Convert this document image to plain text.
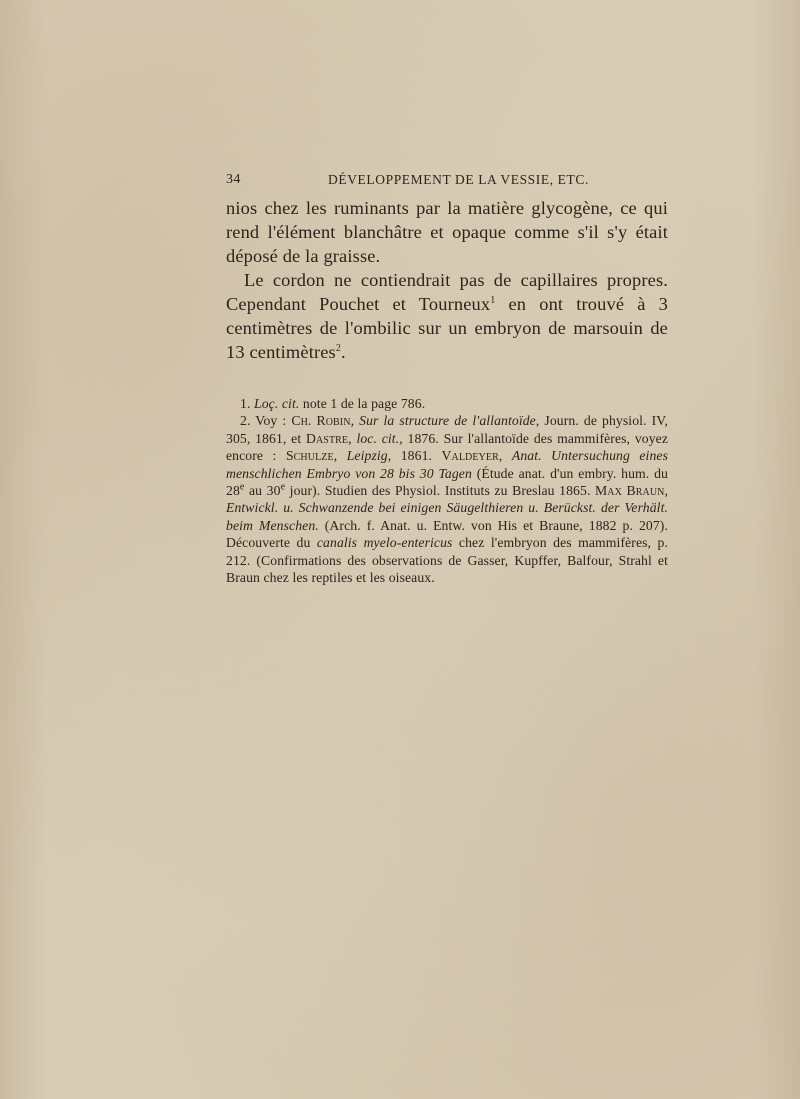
34	DÉVELOPPEMENT DE LA VESSIE, ETC.

nios chez les ruminants par la matière glycogène, ce qui rend l'élément blanchâtre et opaque comme s'il s'y était déposé de la graisse.

Le cordon ne contiendrait pas de capillaires propres. Cependant Pouchet et Tourneux$^1$ en ont trouvé à 3 centimètres de l'ombilic sur un embryon de marsouin de 13 centimètres$^2$.

1. Loç. cit. note 1 de la page 786.

2. Voy : Ch. Robin, Sur la structure de l'allantoïde, Journ. de physiol. IV, 305, 1861, et Dastre, loc. cit., 1876. Sur l'allantoïde des mammifères, voyez encore : Schulze, Leipzig, 1861. Valdeyer, Anat. Untersuchung eines menschlichen Embryo von 28 bis 30 Tagen (Étude anat. d'un embry. hum. du 28e au 30e jour). Studien des Physiol. Instituts zu Breslau 1865. Max Braun, Entwickl. u. Schwanzende bei einigen Säugelthieren u. Berückst. der Verhält. beim Menschen. (Arch. f. Anat. u. Entw. von His et Braune, 1882 p. 207). Découverte du canalis myelo-entericus chez l'embryon des mammifères, p. 212. (Confirmations des observations de Gasser, Kupffer, Balfour, Strahl et Braun chez les reptiles et les oiseaux.
